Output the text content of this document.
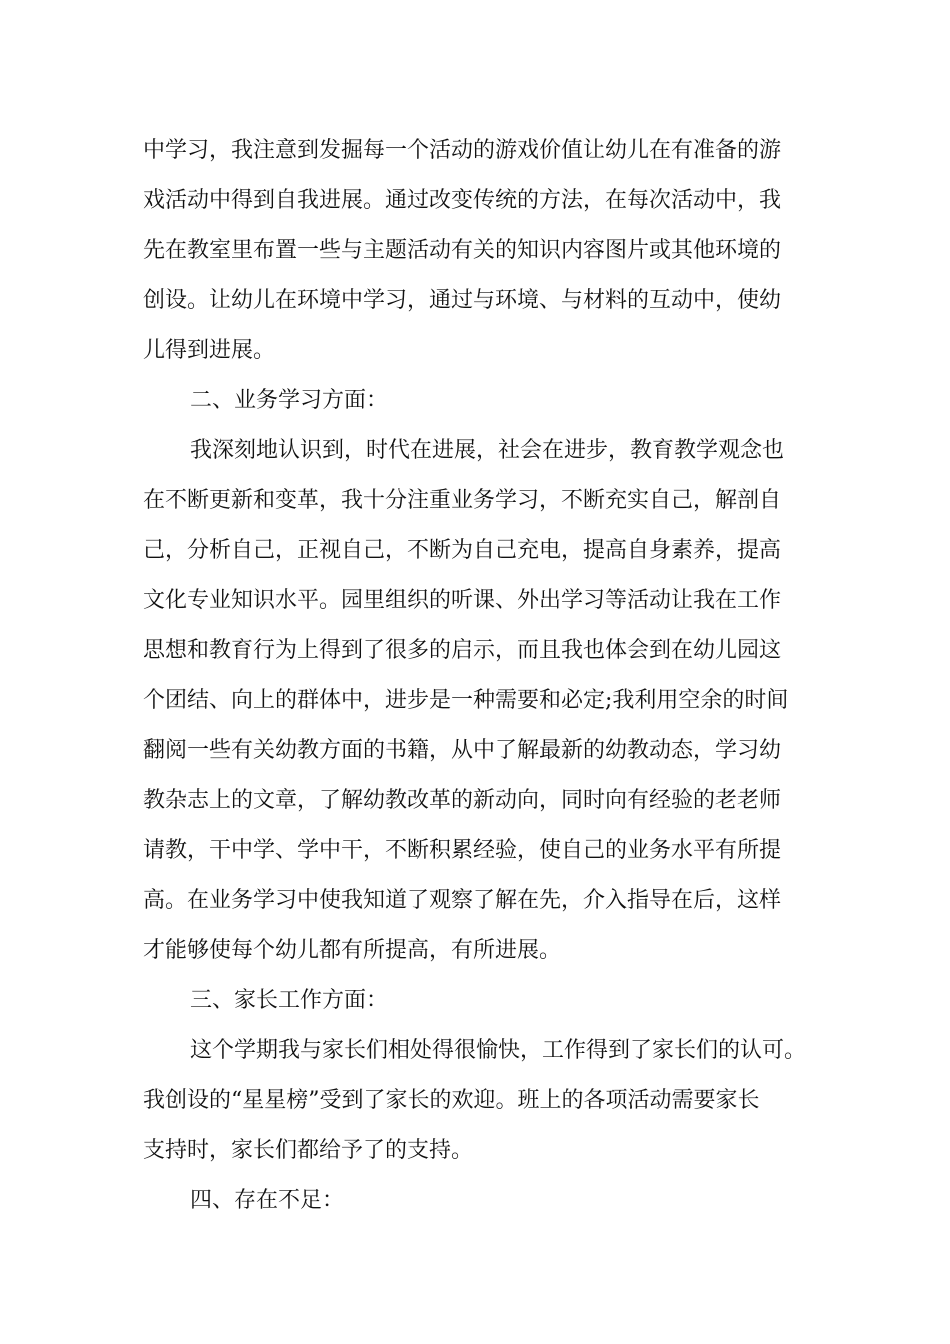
中学习，我注意到发掘每一个活动的游戏价值让幼儿在有准备的游
戏活动中得到自我进展。通过改变传统的方法，在每次活动中，我
先在教室里布置一些与主题活动有关的知识内容图片或其他环境的
创设。让幼儿在环境中学习，通过与环境、与材料的互动中，使幼
儿得到进展。
二、业务学习方面：
我深刻地认识到，时代在进展，社会在进步，教育教学观念也
在不断更新和变革，我十分注重业务学习，不断充实自己，解剖自
己，分析自己，正视自己，不断为自己充电，提高自身素养，提高
文化专业知识水平。园里组织的听课、外出学习等活动让我在工作
思想和教育行为上得到了很多的启示，而且我也体会到在幼儿园这
个团结、向上的群体中，进步是一种需要和必定;我利用空余的时间
翻阅一些有关幼教方面的书籍，从中了解最新的幼教动态，学习幼
教杂志上的文章，了解幼教改革的新动向，同时向有经验的老老师
请教，干中学、学中干，不断积累经验，使自己的业务水平有所提
高。在业务学习中使我知道了观察了解在先，介入指导在后，这样
才能够使每个幼儿都有所提高，有所进展。
三、家长工作方面：
这个学期我与家长们相处得很愉快，工作得到了家长们的认可。
我创设的“星星榜”受到了家长的欢迎。班上的各项活动需要家长
支持时，家长们都给予了的支持。
四、存在不足：
